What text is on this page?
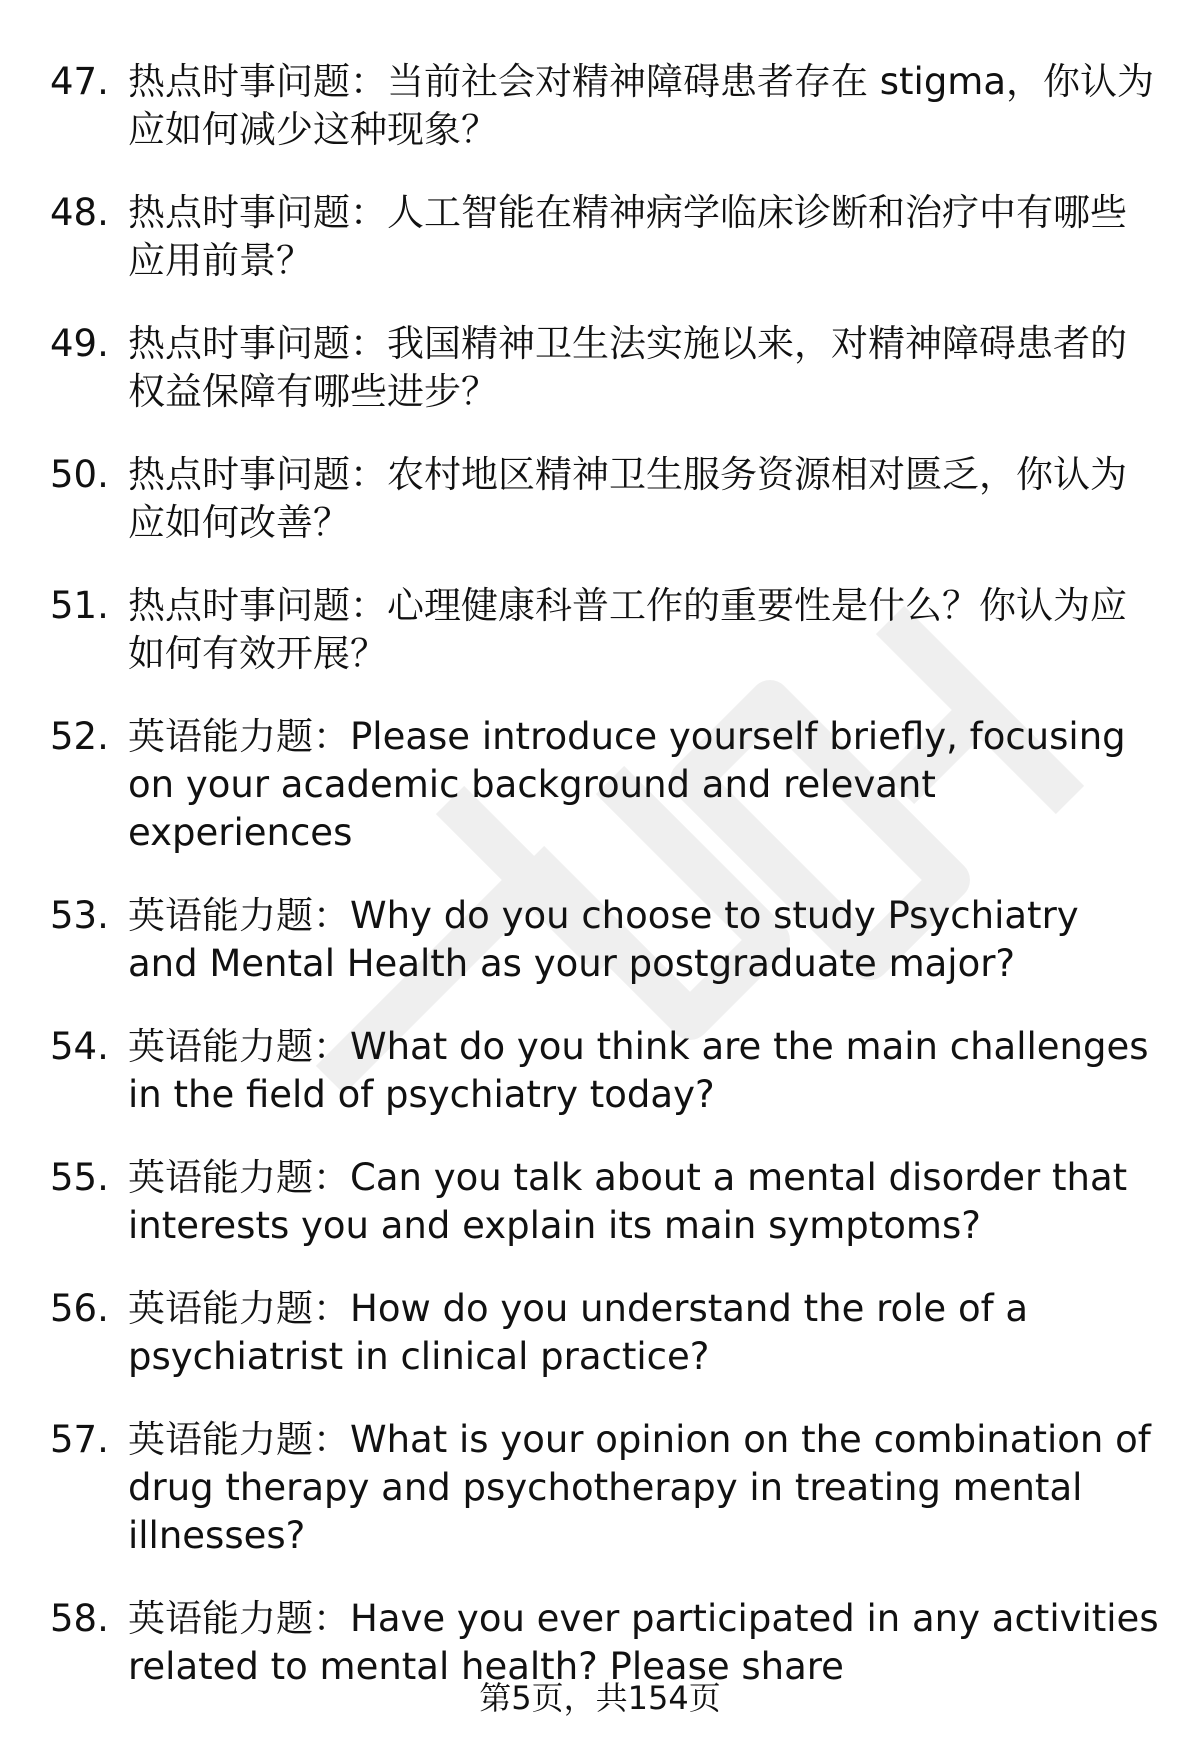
47. 热点时事问题：当前社会对精神障碍患者存在 stigma，你认为应如何减少这种现象？
48. 热点时事问题：人工智能在精神病学临床诊断和治疗中有哪些应用前景？
49. 热点时事问题：我国精神卫生法实施以来，对精神障碍患者的权益保障有哪些进步？
50. 热点时事问题：农村地区精神卫生服务资源相对匮乏，你认为应如何改善？
51. 热点时事问题：心理健康科普工作的重要性是什么？你认为应如何有效开展？
52. 英语能力题：Please introduce yourself briefly, focusing on your academic background and relevant experiences
53. 英语能力题：Why do you choose to study Psychiatry and Mental Health as your postgraduate major?
54. 英语能力题：What do you think are the main challenges in the field of psychiatry today?
55. 英语能力题：Can you talk about a mental disorder that interests you and explain its main symptoms?
56. 英语能力题：How do you understand the role of a psychiatrist in clinical practice?
57. 英语能力题：What is your opinion on the combination of drug therapy and psychotherapy in treating mental illnesses?
58. 英语能力题：Have you ever participated in any activities related to mental health? Please share
第5页，共154页
